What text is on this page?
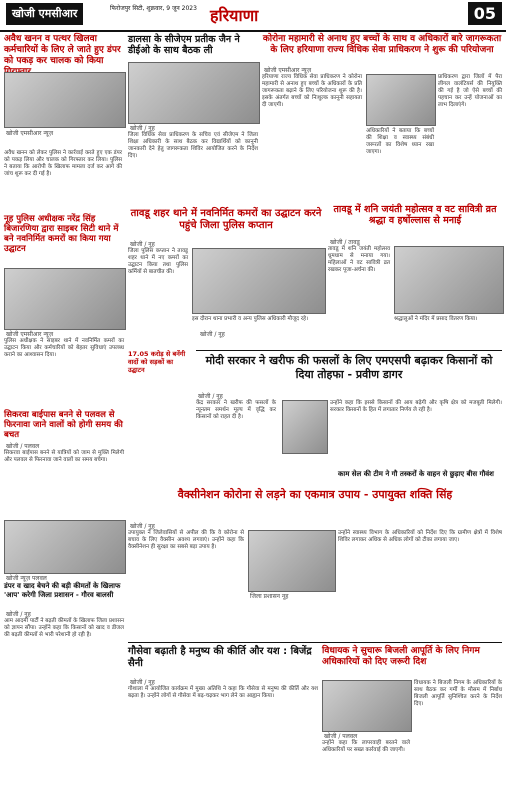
खोजी एमसीआर	फिरोजपुर सिटी, शुक्रवार, 9 जून 2023 हरियाणा	05
अवैध खनन व पत्थर खिलवा कर्मचारियों के लिए ले जाते हुए डंपर को पकड़ कर चालक को किया
खोजी एमसीआर न्यूज़
अवैध खनन को लेकर पुलिस ने कार्रवाई करते हुए एक डंपर को पकड़ लिया और चालक को गिरफ्तार कर लिया। पुलिस ने बताया कि आरोपी के खिलाफ मामला दर्ज कर आगे की जांच शुरू कर दी गई है।
डालसा के सीजेएम प्रतीक जैन ने डीईओ के साथ बैठक ली
खोजी / नूह
जिला विधिक सेवा प्राधिकरण के सचिव एवं सीजेएम ने जिला शिक्षा अधिकारी के साथ बैठक कर विद्यार्थियों को कानूनी जानकारी देने हेतु जागरूकता शिविर आयोजित करने के निर्देश दिए।
कोरोना महामारी से अनाथ हुए बच्चों के साथ व अधिकारों बारे जागरूकता के लिए हरियाणा राज्य विधिक सेवा प्राधिकरण ने शुरू की परियोजना
खोजी एमसीआर न्यूज़
हरियाणा राज्य विधिक सेवा प्राधिकरण ने कोरोना महामारी से अनाथ हुए बच्चों के अधिकारों के प्रति जागरूकता बढ़ाने के लिए परियोजना शुरू की है। इसके अंतर्गत बच्चों को निःशुल्क कानूनी सहायता दी जाएगी।
प्राधिकरण द्वारा जिलों में पैरा लीगल वालंटियर्स की नियुक्ति की गई है जो ऐसे बच्चों की पहचान कर उन्हें योजनाओं का लाभ दिलाएंगे।
अधिकारियों ने बताया कि बच्चों की शिक्षा व स्वास्थ्य संबंधी जरूरतों का विशेष ध्यान रखा जाएगा।
नूह पुलिस अधीक्षक नरेंद्र सिंह बिजारणिया द्वारा साइबर सिटी थाने में बने नवनिर्मित कमरों का किया गया उद्घाटन
खोजी एमसीआर न्यूज़
पुलिस अधीक्षक ने साइबर थाने में नवनिर्मित कमरों का उद्घाटन किया और कर्मचारियों को बेहतर सुविधाएं उपलब्ध कराने का आश्वासन दिया।
तावडू शहर थाने में नवनिर्मित कमरों का उद्घाटन करने पहुंचे जिला पुलिस कप्तान
खोजी / नूह
जिला पुलिस कप्तान ने तावडू शहर थाने में नए कमरों का उद्घाटन किया तथा पुलिस कर्मियों से बातचीत की।
इस दौरान थाना प्रभारी व अन्य पुलिस अधिकारी मौजूद रहे।
तावडू में शनि जयंती महोत्सव व वट सावित्री व्रत श्रद्धा व हर्षोल्लास से मनाई
खोजी / तावडू
तावडू में शनि जयंती महोत्सव धूमधाम से मनाया गया। महिलाओं ने वट सावित्री व्रत रखकर पूजा-अर्चना की।
श्रद्धालुओं ने मंदिर में प्रसाद वितरण किया।
17.05 करोड़ से बनेंगी वादों को सड़कों का उद्घाटन
मोदी सरकार ने खरीफ की फसलों के लिए एमएसपी बढ़ाकर किसानों को दिया तोहफा - प्रवीण डागर
खोजी / नूह
केंद्र सरकार ने खरीफ की फसलों के न्यूनतम समर्थन मूल्य में वृद्धि कर किसानों को राहत दी है।
उन्होंने कहा कि इससे किसानों की आय बढ़ेगी और कृषि क्षेत्र को मजबूती मिलेगी। सरकार किसानों के हित में लगातार निर्णय ले रही है।
सिकरवा बाईपास बनने से पलवल से फिरनावा जाने वालों को होगी समय की बचत
खोजी / पलवल
सिकरवा बाईपास बनने से यात्रियों को जाम से मुक्ति मिलेगी और पलवल से फिरनावा जाने वालों का समय बचेगा।
वैक्सीनेशन कोरोना से लड़ने का एकमात्र उपाय - उपायुक्त शक्ति सिंह
खोजी / नूह
उपायुक्त ने जिलेवासियों से अपील की कि वे कोरोना से बचाव के लिए वैक्सीन अवश्य लगवाएं। उन्होंने कहा कि वैक्सीनेशन ही सुरक्षा का सबसे बड़ा उपाय है।
जिला प्रशासन नूह
उन्होंने स्वास्थ्य विभाग के अधिकारियों को निर्देश दिए कि ग्रामीण क्षेत्रों में विशेष शिविर लगाकर अधिक से अधिक लोगों को टीका लगाया जाए।
काम सेल की टीम ने गौ तस्करों के वाहन से छुड़ाए बीस गौवंश
खोजी न्यूज़ पलवल
डंपर व खाद बेचने की बड़ी कीमतों के खिलाफ 'आप' करेगी जिला प्रशासन - गौरव बालसी
खोजी / नूह
आम आदमी पार्टी ने बढ़ती कीमतों के खिलाफ जिला प्रशासन को ज्ञापन सौंपा। उन्होंने कहा कि किसानों को खाद व डीजल की बढ़ती कीमतों से भारी परेशानी हो रही है।
गौसेवा बढ़ाती है मनुष्य की कीर्ति और यश : बिजेंद्र सैनी
खोजी / नूह
गौशाला में आयोजित कार्यक्रम में मुख्य अतिथि ने कहा कि गौसेवा से मनुष्य की कीर्ति और यश बढ़ता है। उन्होंने लोगों से गौसेवा में बढ़-चढ़कर भाग लेने का आह्वान किया।
विधायक ने सुचारू बिजली आपूर्ति के लिए निगम अधिकारियों को दिए जरूरी दिश
खोजी / पलवल
विधायक ने बिजली निगम के अधिकारियों के साथ बैठक कर गर्मी के मौसम में निर्बाध बिजली आपूर्ति सुनिश्चित करने के निर्देश दिए।
उन्होंने कहा कि लापरवाही बरतने वाले अधिकारियों पर सख्त कार्रवाई की जाएगी।
खोजी / नूह
